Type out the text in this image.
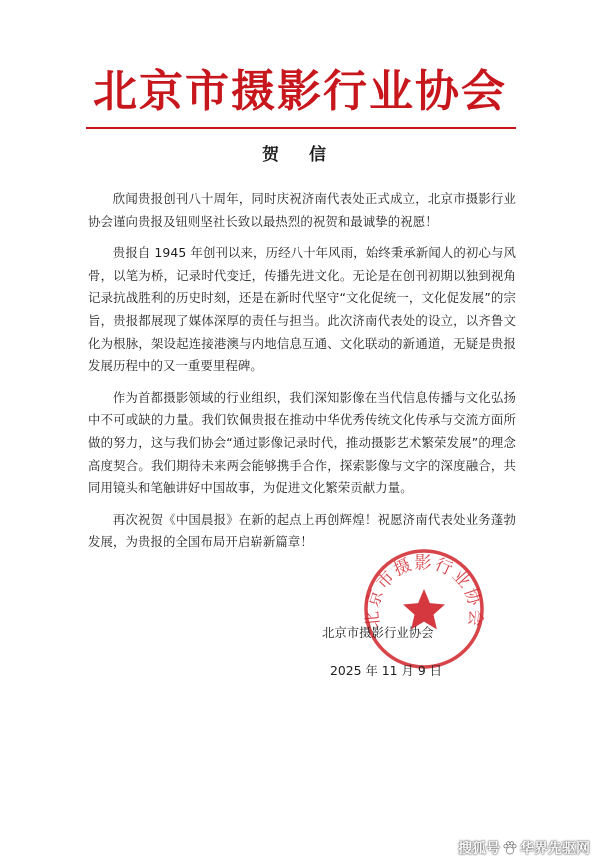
北京市摄影行业协会
贺 信

欣闻贵报创刊八十周年，同时庆祝济南代表处正式成立，北京市摄影行业协会谨向贵报及钮则坚社长致以最热烈的祝贺和最诚挚的祝愿！

贵报自 1945 年创刊以来，历经八十年风雨，始终秉承新闻人的初心与风骨，以笔为桥，记录时代变迁，传播先进文化。无论是在创刊初期以独到视角记录抗战胜利的历史时刻，还是在新时代坚守“文化促统一，文化促发展”的宗旨，贵报都展现了媒体深厚的责任与担当。此次济南代表处的设立，以齐鲁文化为根脉，架设起连接港澳与内地信息互通、文化联动的新通道，无疑是贵报发展历程中的又一重要里程碑。

作为首都摄影领域的行业组织，我们深知影像在当代信息传播与文化弘扬中不可或缺的力量。我们钦佩贵报在推动中华优秀传统文化传承与交流方面所做的努力，这与我们协会“通过影像记录时代，推动摄影艺术繁荣发展”的理念高度契合。我们期待未来两会能够携手合作，探索影像与文字的深度融合，共同用镜头和笔触讲好中国故事，为促进文化繁荣贡献力量。

再次祝贺《中国晨报》在新的起点上再创辉煌！祝愿济南代表处业务蓬勃发展，为贵报的全国布局开启崭新篇章！

北京市摄影行业协会
北京市摄影行业协会
2025 年 11 月 9 日
搜狐号 华界先驱网
